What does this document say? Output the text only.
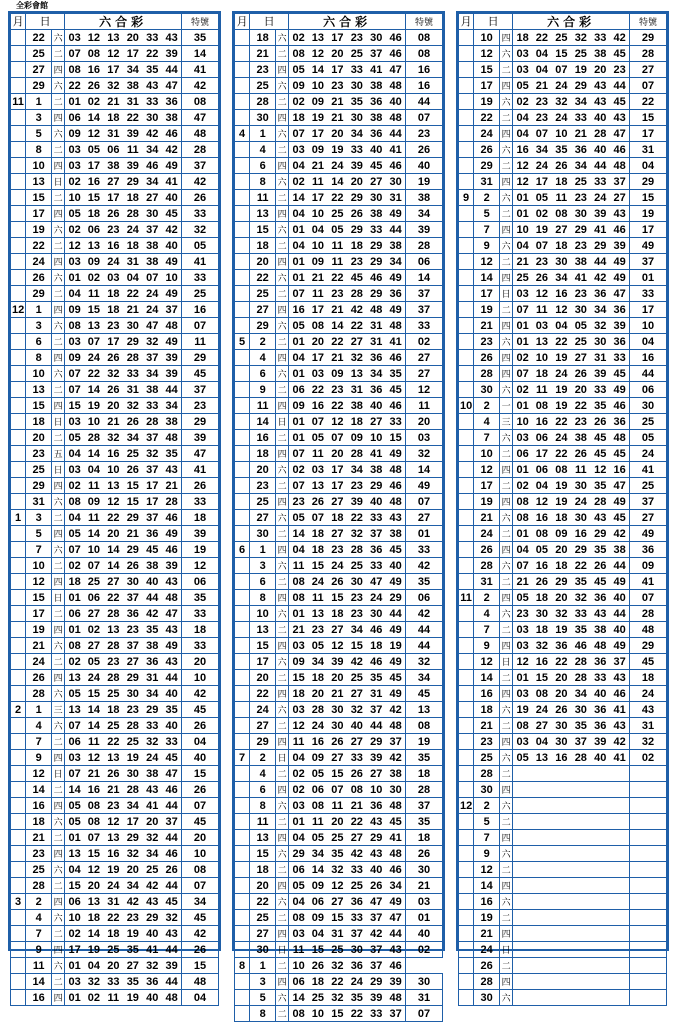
全彩會館
月	日		六合彩						特號
	22	六	03	12	13	20	33	43	35
	25	二	07	08	12	17	22	39	14
	27	四	08	16	17	34	35	44	41
	29	六	22	26	32	38	43	47	42
11	1	二	01	02	21	31	33	36	08
	3	四	06	14	18	22	30	38	47
	5	六	09	12	31	39	42	46	48
	8	二	03	05	06	11	34	42	28
	10	四	03	17	38	39	46	49	37
	13	日	02	16	27	29	34	41	42
	15	二	10	15	17	18	27	40	26
	17	四	05	18	26	28	30	45	33
	19	六	02	06	23	24	37	42	32
	22	二	12	13	16	18	38	40	05
	24	四	03	09	24	31	38	49	41
	26	六	01	02	03	04	07	10	33
	29	二	04	11	18	22	24	49	25
12	1	四	09	15	18	21	24	37	16
	3	六	08	13	23	30	47	48	07
	6	二	03	07	17	29	32	49	11
	8	四	09	24	26	28	37	39	29
	10	六	07	22	32	33	34	39	45
	13	二	07	14	26	31	38	44	37
	15	四	15	19	20	32	33	34	23
	18	日	03	10	21	26	28	38	29
	20	二	05	28	32	34	37	48	39
	23	五	04	14	16	25	32	35	47
	25	日	03	04	10	26	37	43	41
	29	四	02	11	13	15	17	21	26
	31	六	08	09	12	15	17	28	33
1	3	二	04	11	22	29	37	46	18
	5	四	05	14	20	21	36	49	39
	7	六	07	10	14	29	45	46	19
	10	二	02	07	14	26	38	39	12
	12	四	18	25	27	30	40	43	06
	15	日	01	06	22	37	44	48	35
	17	二	06	27	28	36	42	47	33
	19	四	01	02	13	23	35	43	18
	21	六	08	27	28	37	38	49	33
	24	二	02	05	23	27	36	43	20
	26	四	13	24	28	29	31	44	10
	28	六	05	15	25	30	34	40	42
2	1	三	13	14	18	23	29	35	45
	4	六	07	14	25	28	33	40	26
	7	二	06	11	22	25	32	33	04
	9	四	03	12	13	19	24	45	40
	12	日	07	21	26	30	38	47	15
	14	二	14	16	21	28	43	46	26
	16	四	05	08	23	34	41	44	07
	18	六	05	08	12	17	20	37	45
	21	二	01	07	13	29	32	44	20
	23	四	13	15	16	32	34	46	10
	25	六	04	12	19	20	25	26	08
	28	二	15	20	24	34	42	44	07
3	2	四	06	13	31	42	43	45	34
	4	六	10	18	22	23	29	32	45
	7	二	02	14	18	19	40	43	42
	9	四	17	19	25	35	41	44	26
	11	六	01	04	20	27	32	39	15
	14	二	03	32	33	35	36	44	48
	16	四	01	02	11	19	40	48	04
月	日		六合彩						特號
	18	六	02	13	17	23	30	46	08
	21	二	08	12	20	25	37	46	08
	23	四	05	14	17	33	41	47	16
	25	六	09	10	23	30	38	48	16
	28	二	02	09	21	35	36	40	44
	30	四	18	19	21	30	38	48	07
4	1	六	07	17	20	34	36	44	23
	4	二	03	09	19	33	40	41	26
	6	四	04	21	24	39	45	46	40
	8	六	02	11	14	20	27	30	19
	11	二	14	17	22	29	30	31	38
	13	四	04	10	25	26	38	49	34
	15	六	01	04	05	29	33	44	39
	18	二	04	10	11	18	29	38	28
	20	四	01	09	11	23	29	34	06
	22	六	01	21	22	45	46	49	14
	25	二	07	11	23	28	29	36	37
	27	四	16	17	21	42	48	49	37
	29	六	05	08	14	22	31	48	33
5	2	二	01	20	22	27	31	41	02
	4	四	04	17	21	32	36	46	27
	6	六	01	03	09	13	34	35	27
	9	二	06	22	23	31	36	45	12
	11	四	09	16	22	38	40	46	11
	14	日	01	07	12	18	27	33	20
	16	二	01	05	07	09	10	15	03
	18	四	07	11	20	28	41	49	32
	20	六	02	03	17	34	38	48	14
	23	二	07	13	17	23	29	46	49
	25	四	23	26	27	39	40	48	07
	27	六	05	07	18	22	33	43	27
	30	二	14	18	27	32	37	38	01
6	1	四	04	18	23	28	36	45	33
	3	六	11	15	24	25	33	40	42
	6	二	08	24	26	30	47	49	35
	8	四	08	11	15	23	24	29	06
	10	六	01	13	18	23	30	44	42
	13	二	21	23	27	34	46	49	44
	15	四	03	05	12	15	18	19	44
	17	六	09	34	39	42	46	49	32
	20	二	15	18	20	25	35	45	34
	22	四	18	20	21	27	31	49	45
	24	六	03	28	30	32	37	42	13
	27	二	12	24	30	40	44	48	08
	29	四	11	16	26	27	29	37	19
7	2	日	04	09	27	33	39	42	35
	4	二	02	05	15	26	27	38	18
	6	四	02	06	07	08	10	30	28
	8	六	03	08	11	21	36	48	37
	11	二	01	11	20	22	43	45	35
	13	四	04	05	25	27	29	41	18
	15	六	29	34	35	42	43	48	26
	18	二	06	14	32	33	40	46	30
	20	四	05	09	12	25	26	34	21
	22	六	04	06	27	36	47	49	03
	25	二	08	09	15	33	37	47	01
	27	四	03	04	31	37	42	44	40
	30	日	11	15	25	30	37	43	02
8	1	二	10	26	32	36	37	46	
	3	四	06	18	22	24	29	39	30
	5	六	14	25	32	35	39	48	31
	8	二	08	10	15	22	33	37	07
月	日		六合彩						特號
	10	四	18	22	25	32	33	42	29
	12	六	03	04	15	25	38	45	28
	15	二	03	04	07	19	20	23	27
	17	四	05	21	24	29	43	44	07
	19	六	02	23	32	34	43	45	22
	22	二	04	23	24	33	40	43	15
	24	四	04	07	10	21	28	47	17
	26	六	16	34	35	36	40	46	31
	29	二	12	24	26	34	44	48	04
	31	四	12	17	18	25	33	37	29
9	2	六	01	05	11	23	24	27	15
	5	二	01	02	08	30	39	43	19
	7	四	10	19	27	29	41	46	17
	9	六	04	07	18	23	29	39	49
	12	二	21	23	30	38	44	49	37
	14	四	25	26	34	41	42	49	01
	17	日	03	12	16	23	36	47	33
	19	二	07	11	12	30	34	36	17
	21	四	01	03	04	05	32	39	10
	23	六	01	13	22	25	30	36	04
	26	四	02	10	19	27	31	33	16
	28	四	07	18	24	26	39	45	44
	30	六	02	11	19	20	33	49	06
10	2	一	01	08	19	22	35	46	30
	4	三	10	16	22	23	26	36	25
	7	六	03	06	24	38	45	48	05
	10	二	06	17	22	26	45	45	24
	12	四	01	06	08	11	12	16	41
	17	二	02	04	19	30	35	47	25
	19	四	08	12	19	24	28	49	37
	21	六	08	16	18	30	43	45	27
	24	二	01	08	09	16	29	42	49
	26	四	04	05	20	29	35	38	36
	28	六	07	16	18	22	26	44	09
	31	二	21	26	29	35	45	49	41
11	2	四	05	18	20	32	36	40	07
	4	六	23	30	32	33	43	44	28
	7	二	03	18	19	35	38	40	48
	9	四	03	32	36	46	48	49	29
	12	日	12	16	22	28	36	37	45
	14	二	01	15	20	28	33	43	18
	16	四	03	08	20	34	40	46	24
	18	六	19	24	26	30	36	41	43
	21	二	08	27	30	35	36	43	31
	23	四	03	04	30	37	39	42	32
	25	六	05	13	16	28	40	41	02
	28	二							
	30	四							
12	2	六							
	5	二							
	7	四							
	9	六							
	12	二							
	14	四							
	16	六							
	19	二							
	21	四							
	24	日							
	26	二							
	28	四							
	30	六							
